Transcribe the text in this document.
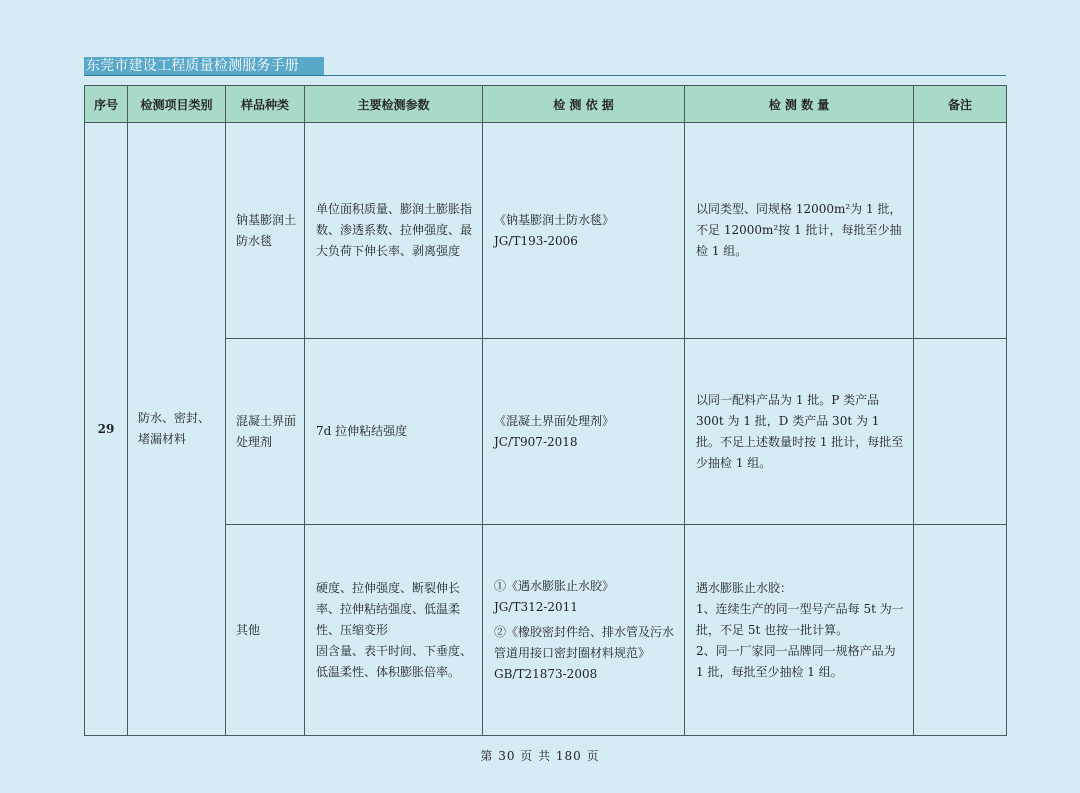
东莞市建设工程质量检测服务手册
序号	检测项目类别	样品种类	主要检测参数	检 测 依 据	检 测 数 量	备注
29	防水、密封、堵漏材料	钠基膨润土防水毯	单位面积质量、膨润土膨胀指数、渗透系数、拉伸强度、最大负荷下伸长率、剥离强度	《钠基膨润土防水毯》
JG/T193-2006	以同类型、同规格 12000m²为 1 批，不足 12000m²按 1 批计，每批至少抽检 1 组。	
		混凝土界面处理剂	7d 拉伸粘结强度	《混凝土界面处理剂》
JC/T907-2018	以同一配料产品为 1 批。P 类产品 300t 为 1 批，D 类产品 30t 为 1 批。不足上述数量时按 1 批计，每批至少抽检 1 组。	
		其他	硬度、拉伸强度、断裂伸长率、拉伸粘结强度、低温柔性、压缩变形
固含量、表干时间、下垂度、低温柔性、体积膨胀倍率。	①《遇水膨胀止水胶》
JG/T312-2011
②《橡胶密封件给、排水管及污水管道用接口密封圈材料规范》
GB/T21873-2008	遇水膨胀止水胶：
1、连续生产的同一型号产品每 5t 为一批，不足 5t 也按一批计算。
2、同一厂家同一品牌同一规格产品为 1 批，每批至少抽检 1 组。	

第 30 页 共 180 页
